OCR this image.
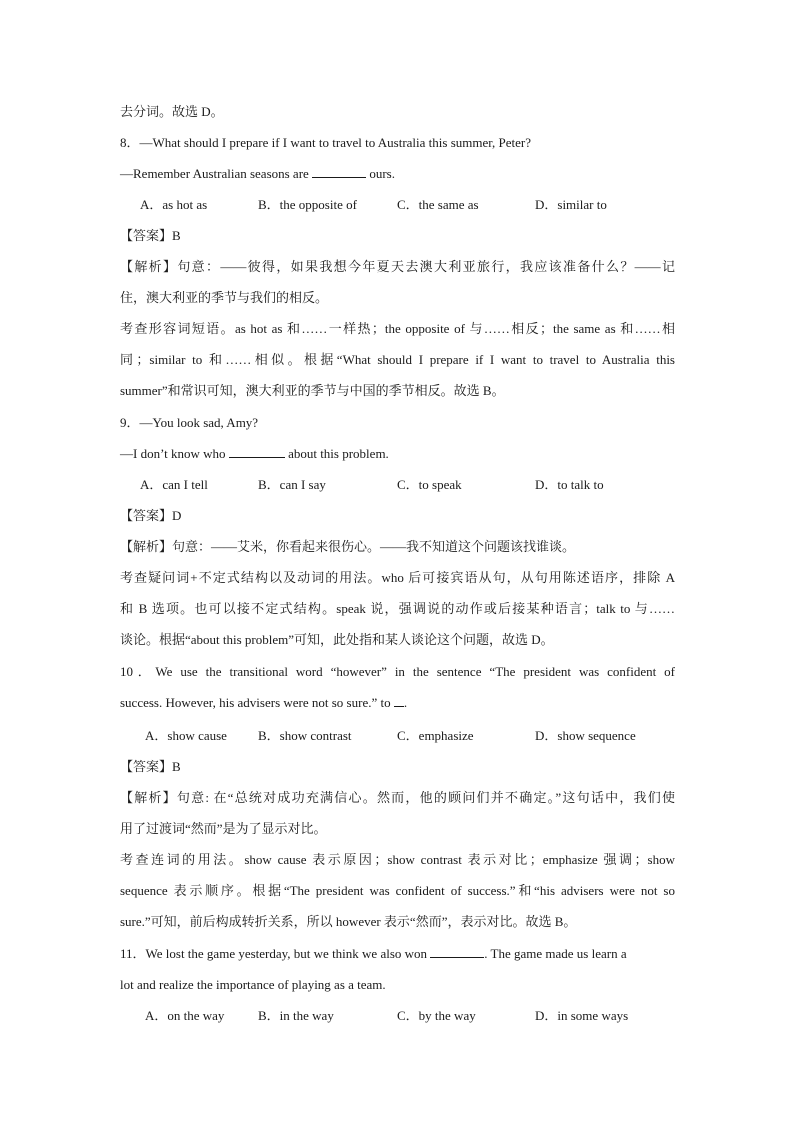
去分词。故选 D。
8．—What should I prepare if I want to travel to Australia this summer, Peter?
—Remember Australian seasons are	ours.
A．as hot as	B．the opposite of	C．the same as	D．similar to
【答案】B
【解析】句意：——彼得，如果我想今年夏天去澳大利亚旅行，我应该准备什么？——记
住，澳大利亚的季节与我们的相反。
考查形容词短语。as hot as 和……一样热；the opposite of 与……相反；the same as 和……相
同；similar to 和……相似。根据“What should I prepare if I want to travel to Australia this
summer”和常识可知，澳大利亚的季节与中国的季节相反。故选 B。
9．—You look sad, Amy?
—I don’t know who	about this problem.
A．can I tell	B．can I say	C．to speak	D．to talk to
【答案】D
【解析】句意：——艾米，你看起来很伤心。——我不知道这个问题该找谁谈。
考查疑问词+不定式结构以及动词的用法。who 后可接宾语从句，从句用陈述语序，排除 A
和 B 选项。也可以接不定式结构。speak 说，强调说的动作或后接某种语言；talk to 与……
谈论。根据“about this problem”可知，此处指和某人谈论这个问题，故选 D。
10．We use the transitional word “however” in the sentence “The president was confident of
success. However, his advisers were not so sure.” to .
A．show cause B．show contrast	C．emphasize	D．show sequence
【答案】B
【解析】句意: 在“总统对成功充满信心。然而，他的顾问们并不确定。”这句话中，我们使
用了过渡词“然而”是为了显示对比。
考查连词的用法。show cause 表示原因；show contrast 表示对比；emphasize 强调；show
sequence 表示顺序。根据“The president was confident of success.”和“his advisers were not so
sure.”可知，前后构成转折关系，所以 however 表示“然而”，表示对比。故选 B。
11．We lost the game yesterday, but we think we also won	. The game made us learn a
lot and realize the importance of playing as a team.
A．on the way	B．in the way	C．by the way	D．in some ways
